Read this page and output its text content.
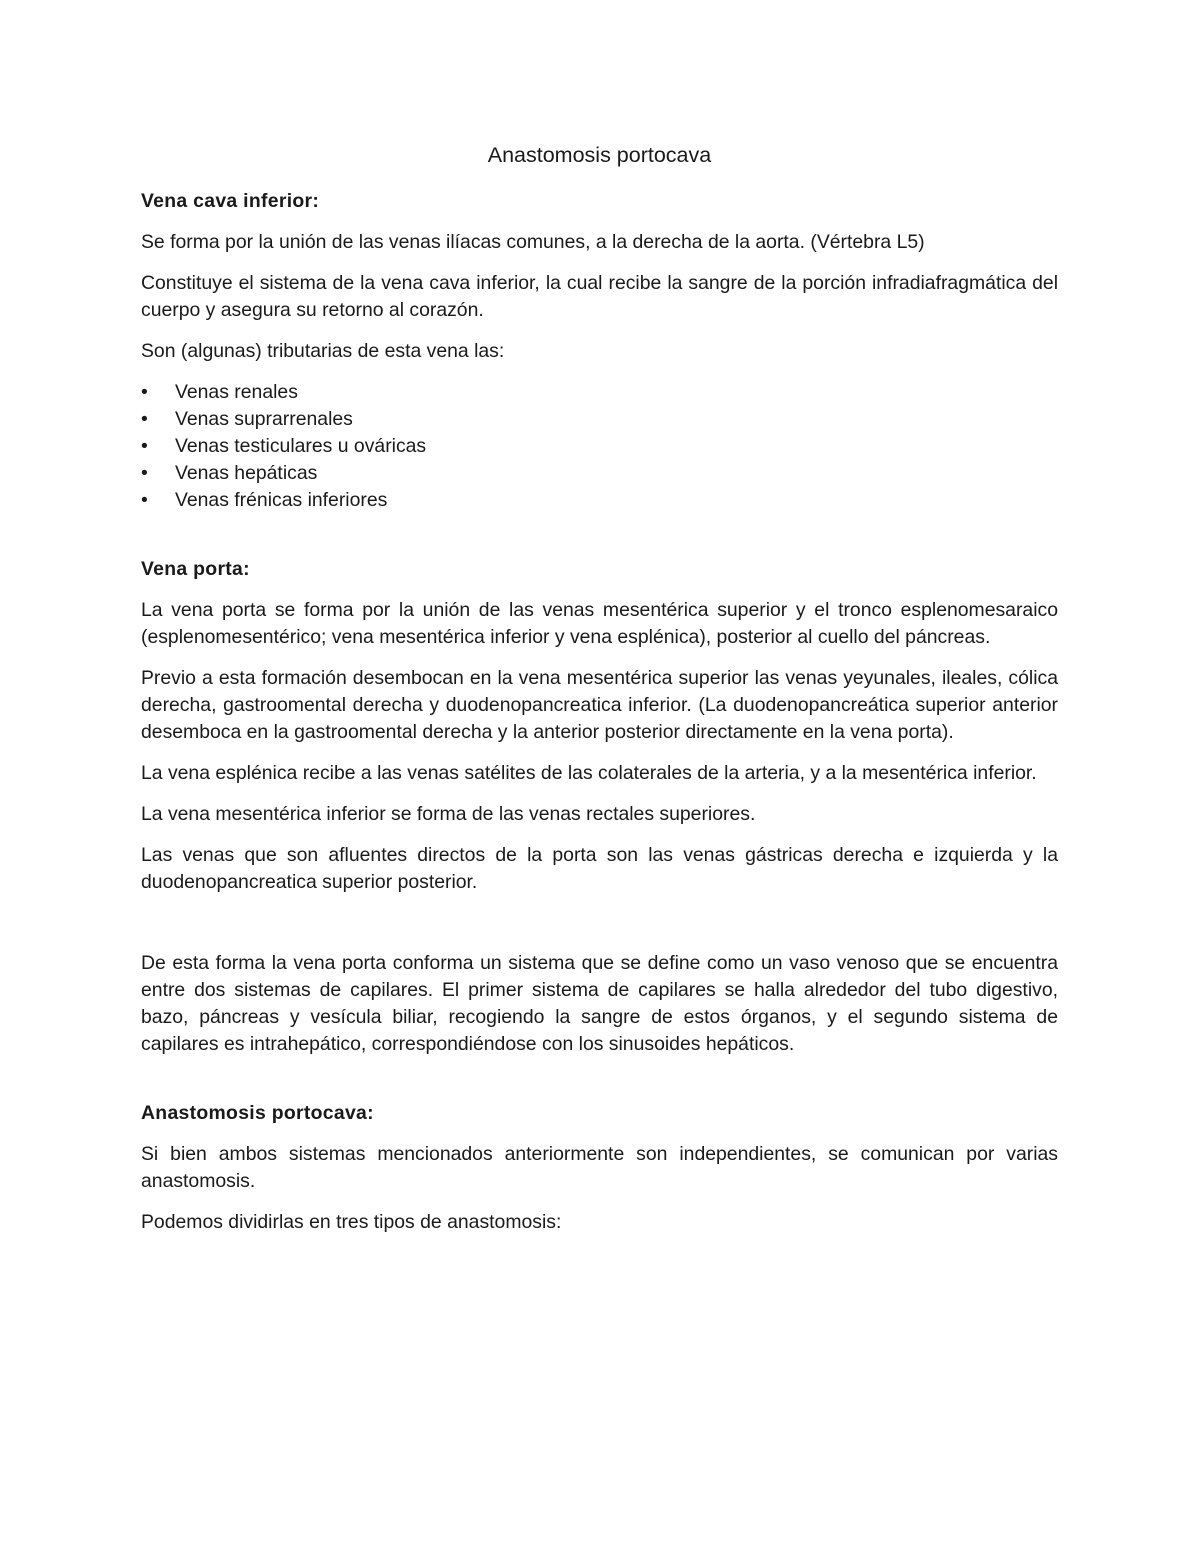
Anastomosis portocava
Vena cava inferior:

Se forma por la unión de las venas ilíacas comunes, a la derecha de la aorta. (Vértebra L5)

Constituye el sistema de la vena cava inferior, la cual recibe la sangre de la porción infradiafragmática del cuerpo y asegura su retorno al corazón.

Son (algunas) tributarias de esta vena las:

•	Venas renales
•	Venas suprarrenales
•	Venas testiculares u ováricas
•	Venas hepáticas
•	Venas frénicas inferiores
Vena porta:

La vena porta se forma por la unión de las venas mesentérica superior y el tronco esplenomesaraico (esplenomesentérico; vena mesentérica inferior y vena esplénica), posterior al cuello del páncreas.

Previo a esta formación desembocan en la vena mesentérica superior las venas yeyunales, ileales, cólica derecha, gastroomental derecha y duodenopancreatica inferior. (La duodenopancreática superior anterior desemboca en la gastroomental derecha y la anterior posterior directamente en la vena porta).

La vena esplénica recibe a las venas satélites de las colaterales de la arteria, y a la mesentérica inferior.

La vena mesentérica inferior se forma de las venas rectales superiores.

Las venas que son afluentes directos de la porta son las venas gástricas derecha e izquierda y la duodenopancreatica superior posterior.

De esta forma la vena porta conforma un sistema que se define como un vaso venoso que se encuentra entre dos sistemas de capilares. El primer sistema de capilares se halla alrededor del tubo digestivo, bazo, páncreas y vesícula biliar, recogiendo la sangre de estos órganos, y el segundo sistema de capilares es intrahepático, correspondiéndose con los sinusoides hepáticos.

Anastomosis portocava:

Si bien ambos sistemas mencionados anteriormente son independientes, se comunican por varias anastomosis.

Podemos dividirlas en tres tipos de anastomosis:
